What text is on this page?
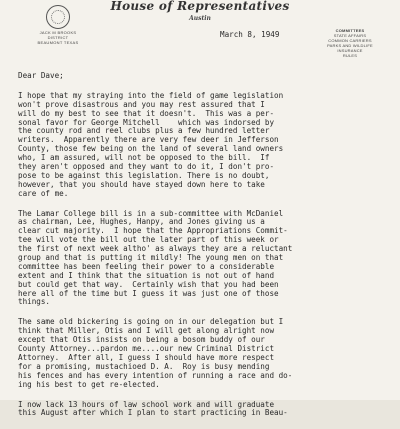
House of Representatives
Austin
JACK M BROOKS
DISTRICT
BEAUMONT TEXAS
COMMITTEES
STATE AFFAIRS
COMMON CARRIERS
PARKS AND WILDLIFE
INSURANCE
RULES
March 8, 1949
Dear Dave;
I hope that my straying into the field of game legislation
won't prove disastrous and you may rest assured that I
will do my best to see that it doesn't.  This was a per-
sonal favor for George Mitchell    which was indorsed by
the county rod and reel clubs plus a few hundred letter
writers.  Apparently there are very few deer in Jefferson
County, those few being on the land of several land owners
who, I am assured, will not be opposed to the bill.  If
they aren't opposed and they want to do it, I don't pro-
pose to be against this legislation. There is no doubt,
however, that you should have stayed down here to take
care of me.
The Lamar College bill is in a sub-committee with McDaniel
as chairman, Lee, Hughes, Hanpy, and Jones giving us a
clear cut majority.  I hope that the Appropriations Commit-
tee will vote the bill out the later part of this week or
the first of next week altho' as always they are a reluctant
group and that is putting it mildly! The young men on that
committee has been feeling their power to a considerable
extent and I think that the situation is not out of hand
but could get that way.  Certainly wish that you had been
here all of the time but I guess it was just one of those
things.
The same old bickering is going on in our delegation but I
think that Miller, Otis and I will get along alright now
except that Otis insists on being a bosom buddy of our
County Attorney...pardon me....our new Criminal District
Attorney.  After all, I guess I should have more respect
for a promising, mustachioed D. A.  Roy is busy mending
his fences and has every intention of running a race and do-
ing his best to get re-elected.
I now lack 13 hours of law school work and will graduate
this August after which I plan to start practicing in Beau-
